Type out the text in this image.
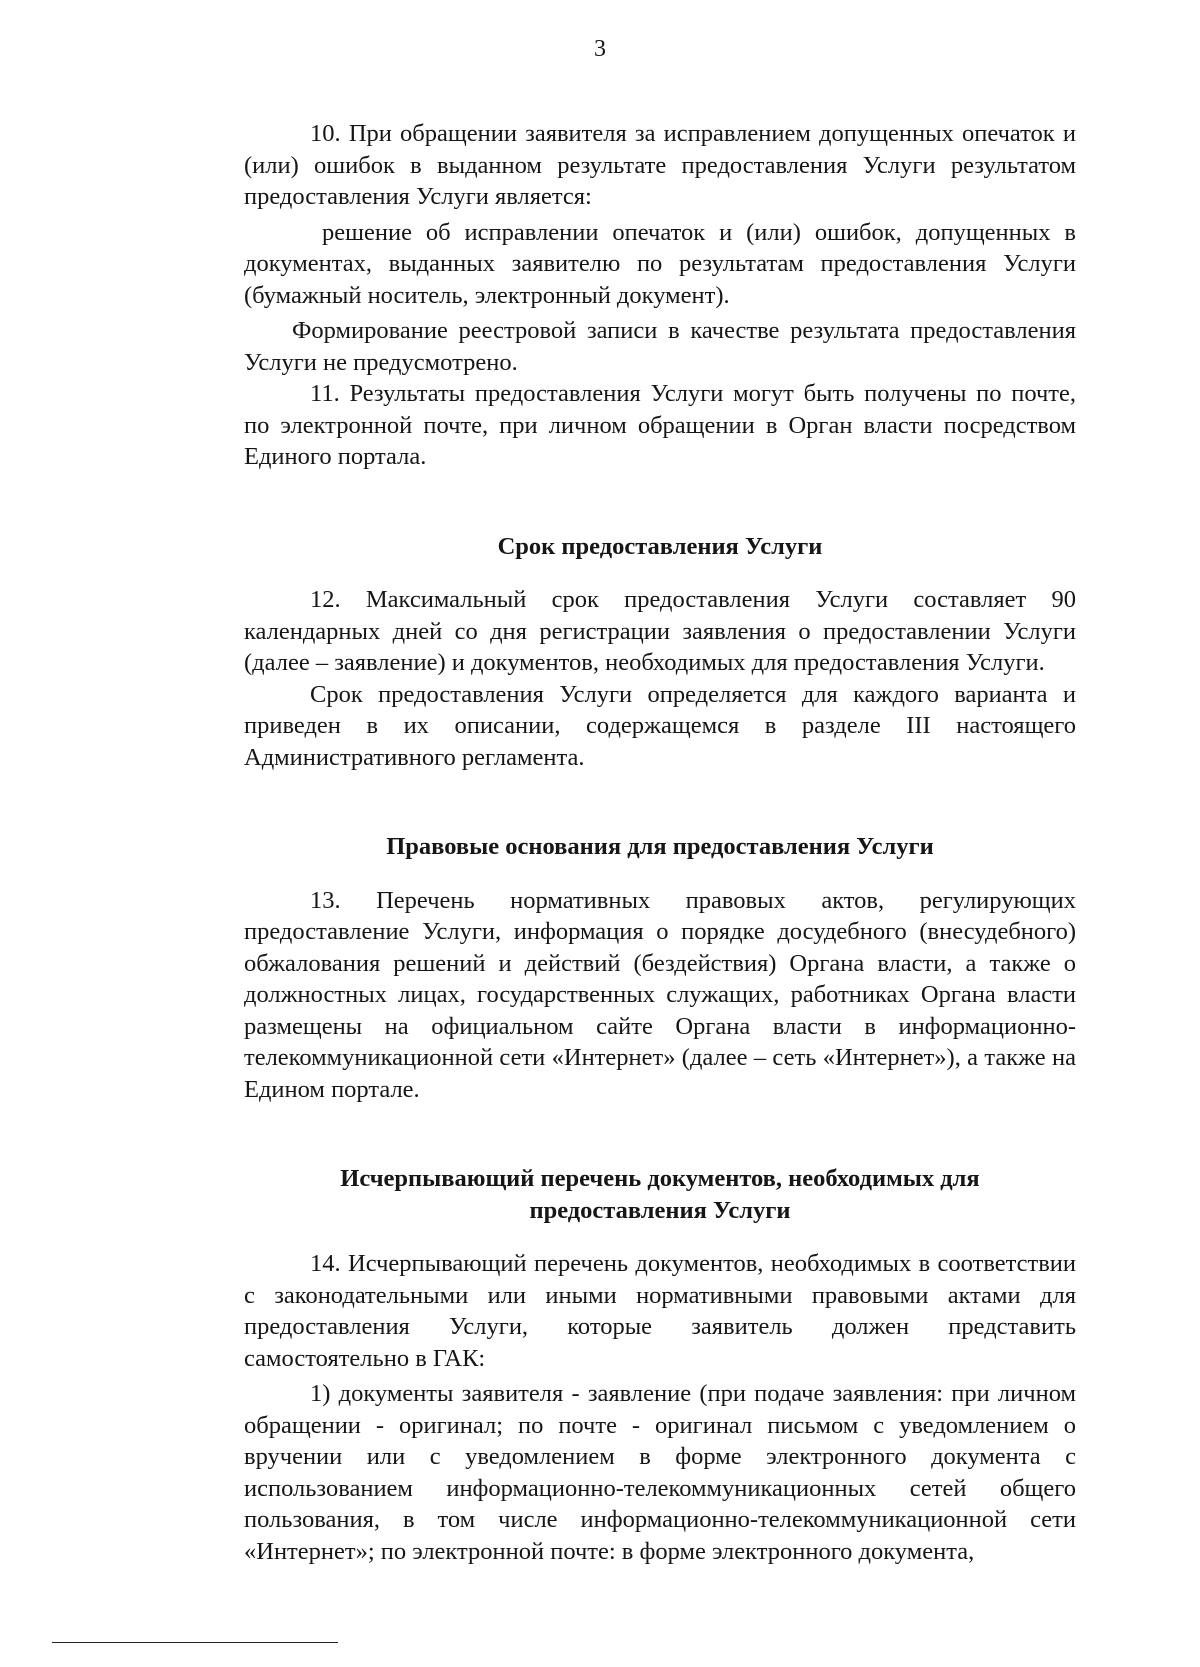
3

10. При обращении заявителя за исправлением допущенных опечаток и (или) ошибок в выданном результате предоставления Услуги результатом предоставления Услуги является:

решение об исправлении опечаток и (или) ошибок, допущенных в документах, выданных заявителю по результатам предоставления Услуги (бумажный носитель, электронный документ).

Формирование реестровой записи в качестве результата предоставления Услуги не предусмотрено.

11. Результаты предоставления Услуги могут быть получены по почте, по электронной почте, при личном обращении в Орган власти посредством Единого портала.

Срок предоставления Услуги

12. Максимальный срок предоставления Услуги составляет 90 календарных дней со дня регистрации заявления о предоставлении Услуги (далее – заявление) и документов, необходимых для предоставления Услуги.

Срок предоставления Услуги определяется для каждого варианта и приведен в их описании, содержащемся в разделе III настоящего Административного регламента.

Правовые основания для предоставления Услуги

13. Перечень нормативных правовых актов, регулирующих предоставление Услуги, информация о порядке досудебного (внесудебного) обжалования решений и действий (бездействия) Органа власти, а также о должностных лицах, государственных служащих, работниках Органа власти размещены на официальном сайте Органа власти в информационно-телекоммуникационной сети «Интернет» (далее – сеть «Интернет»), а также на Едином портале.

Исчерпывающий перечень документов, необходимых для предоставления Услуги

14. Исчерпывающий перечень документов, необходимых в соответствии с законодательными или иными нормативными правовыми актами для предоставления Услуги, которые заявитель должен представить самостоятельно в ГАК:

1) документы заявителя - заявление (при подаче заявления: при личном обращении - оригинал; по почте - оригинал письмом с уведомлением о вручении или с уведомлением в форме электронного документа с использованием информационно-телекоммуникационных сетей общего пользования, в том числе информационно-телекоммуникационной сети «Интернет»; по электронной почте: в форме электронного документа,
